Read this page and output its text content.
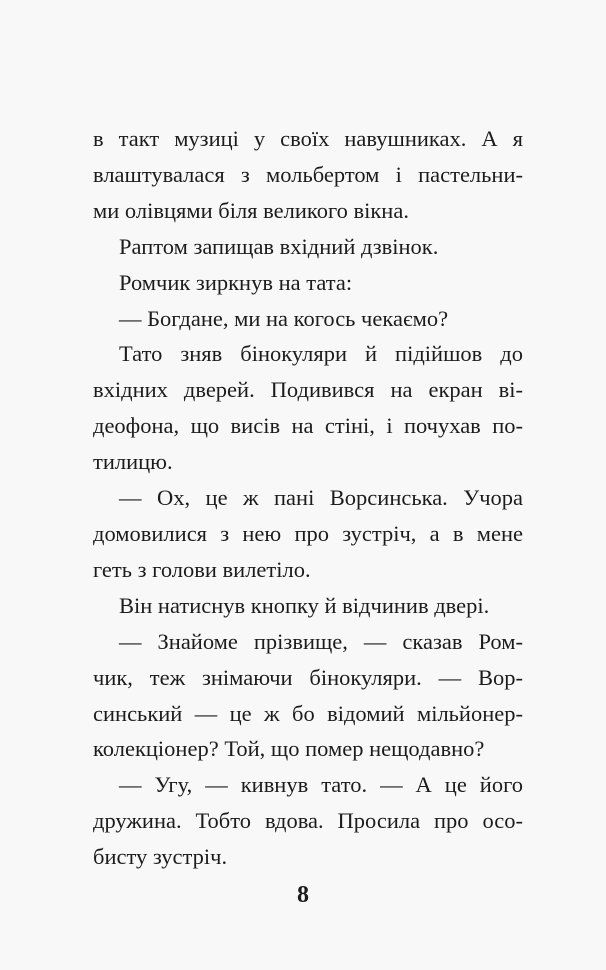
в такт музиці у своїх навушниках. А я
влаштувалася з мольбертом і пастельни-
ми олівцями біля великого вікна.
Раптом запищав вхідний дзвінок.
Ромчик зиркнув на тата:
— Богдане, ми на когось чекаємо?
Тато зняв бінокуляри й підійшов до
вхідних дверей. Подивився на екран ві-
деофона, що висів на стіні, і почухав по-
тилицю.
— Ох, це ж пані Ворсинська. Учора
домовилися з нею про зустріч, а в мене
геть з голови вилетіло.
Він натиснув кнопку й відчинив двері.
— Знайоме прізвище, — сказав Ром-
чик, теж знімаючи бінокуляри. — Вор-
синський — це ж бо відомий мільйонер-
колекціонер? Той, що помер нещодавно?
— Угу, — кивнув тато. — А це його
дружина. Тобто вдова. Просила про осо-
бисту зустріч.
8
